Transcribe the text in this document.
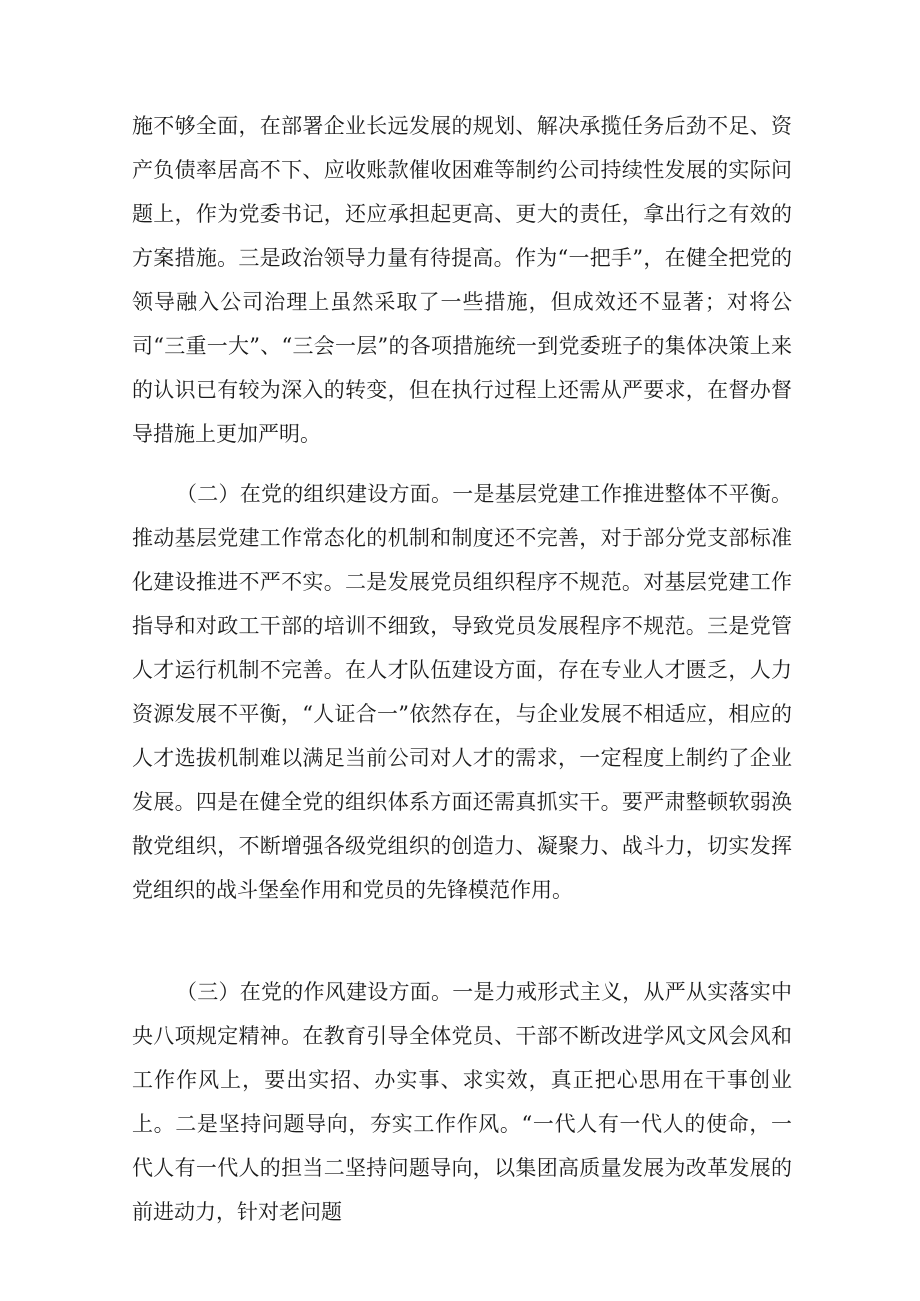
施不够全面，在部署企业长远发展的规划、解决承揽任务后劲不足、资产负债率居高不下、应收账款催收困难等制约公司持续性发展的实际问题上，作为党委书记，还应承担起更高、更大的责任，拿出行之有效的方案措施。三是政治领导力量有待提高。作为“一把手”，在健全把党的领导融入公司治理上虽然采取了一些措施，但成效还不显著；对将公司“三重一大”、“三会一层”的各项措施统一到党委班子的集体决策上来的认识已有较为深入的转变，但在执行过程上还需从严要求，在督办督导措施上更加严明。

（二）在党的组织建设方面。一是基层党建工作推进整体不平衡。推动基层党建工作常态化的机制和制度还不完善，对于部分党支部标准化建设推进不严不实。二是发展党员组织程序不规范。对基层党建工作指导和对政工干部的培训不细致，导致党员发展程序不规范。三是党管人才运行机制不完善。在人才队伍建设方面，存在专业人才匮乏，人力资源发展不平衡，“人证合一”依然存在，与企业发展不相适应，相应的人才选拔机制难以满足当前公司对人才的需求，一定程度上制约了企业发展。四是在健全党的组织体系方面还需真抓实干。要严肃整顿软弱涣散党组织，不断增强各级党组织的创造力、凝聚力、战斗力，切实发挥党组织的战斗堡垒作用和党员的先锋模范作用。

（三）在党的作风建设方面。一是力戒形式主义，从严从实落实中央八项规定精神。在教育引导全体党员、干部不断改进学风文风会风和工作作风上，要出实招、办实事、求实效，真正把心思用在干事创业上。二是坚持问题导向，夯实工作作风。“一代人有一代人的使命，一代人有一代人的担当二坚持问题导向，以集团高质量发展为改革发展的前进动力，针对老问题
